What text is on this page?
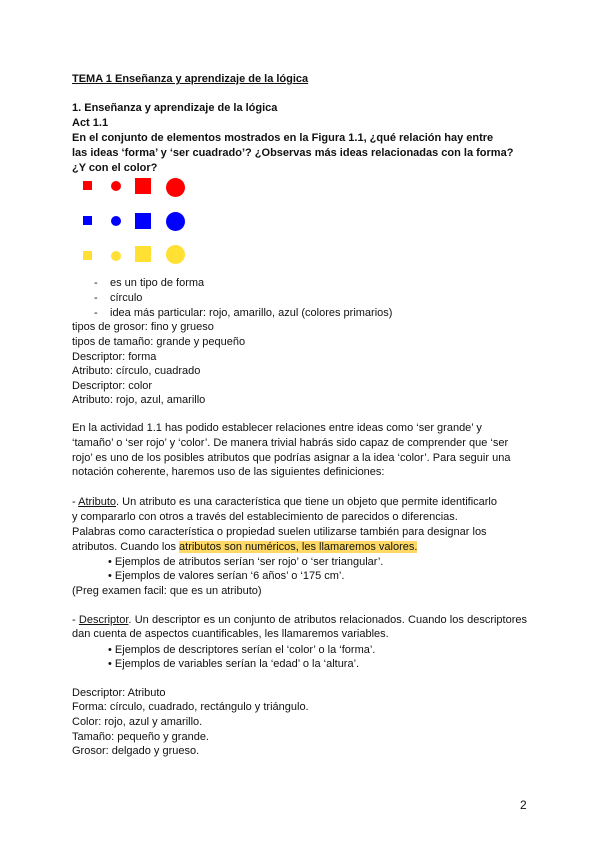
TEMA 1 Enseñanza y aprendizaje de la lógica
1. Enseñanza y aprendizaje de la lógica
Act 1.1
En el conjunto de elementos mostrados en la Figura 1.1, ¿qué relación hay entre
las ideas ‘forma’ y ‘ser cuadrado’? ¿Observas más ideas relacionadas con la forma?
¿Y con el color?
- es un tipo de forma
- círculo
- idea más particular: rojo, amarillo, azul (colores primarios)
tipos de grosor: fino y grueso
tipos de tamaño: grande y pequeño
Descriptor: forma
Atributo: círculo, cuadrado
Descriptor: color
Atributo: rojo, azul, amarillo
En la actividad 1.1 has podido establecer relaciones entre ideas como ‘ser grande’ y
‘tamaño’ o ‘ser rojo’ y ‘color’. De manera trivial habrás sido capaz de comprender que ‘ser
rojo’ es uno de los posibles atributos que podrías asignar a la idea ‘color’. Para seguir una
notación coherente, haremos uso de las siguientes definiciones:
- Atributo. Un atributo es una característica que tiene un objeto que permite identificarlo
y compararlo con otros a través del establecimiento de parecidos o diferencias.
Palabras como característica o propiedad suelen utilizarse también para designar los
atributos. Cuando los atributos son numéricos, les llamaremos valores.
• Ejemplos de atributos serían ‘ser rojo’ o ‘ser triangular’.
• Ejemplos de valores serían ‘6 años’ o ‘175 cm’.
(Preg examen facil: que es un atributo)
- Descriptor. Un descriptor es un conjunto de atributos relacionados. Cuando los descriptores dan cuenta de aspectos cuantificables, les llamaremos variables.
• Ejemplos de descriptores serían el ‘color’ o la ‘forma’.
• Ejemplos de variables serían la ‘edad’ o la ‘altura’.
Descriptor: Atributo
Forma: círculo, cuadrado, rectángulo y triángulo.
Color: rojo, azul y amarillo.
Tamaño: pequeño y grande.
Grosor: delgado y grueso.
2
